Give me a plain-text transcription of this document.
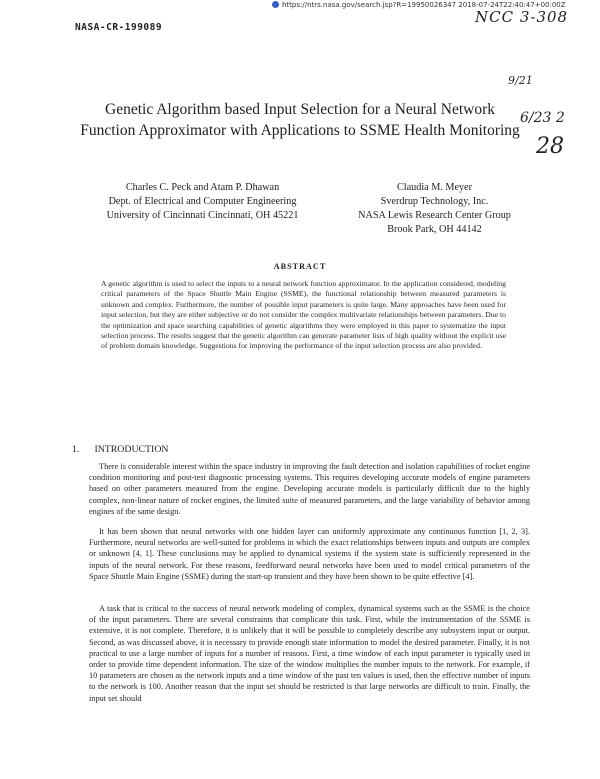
https://ntrs.nasa.gov/search.jsp?R=19950026347 2018-07-24T22:40:47+00:00Z
NASA-CR-199089
NCC 3-308
9/21
6/23 2
28
Genetic Algorithm based Input Selection for a Neural Network Function Approximator with Applications to SSME Health Monitoring
Charles C. Peck and Atam P. Dhawan
Dept. of Electrical and Computer Engineering
University of Cincinnati Cincinnati, OH 45221
Claudia M. Meyer
Sverdrup Technology, Inc.
NASA Lewis Research Center Group
Brook Park, OH 44142
ABSTRACT
A genetic algorithm is used to select the inputs to a neural network function approximator. In the application considered, modeling critical parameters of the Space Shuttle Main Engine (SSME), the functional relationship between measured parameters is unknown and complex. Furthermore, the number of possible input parameters is quite large. Many approaches have been used for input selection, but they are either subjective or do not consider the complex multivariate relationships between parameters. Due to the optimization and space searching capabilities of genetic algorithms they were employed in this paper to systematize the input selection process. The results suggest that the genetic algorithm can generate parameter lists of high quality without the explicit use of problem domain knowledge. Suggestions for improving the performance of the input selection process are also provided.
1. INTRODUCTION

There is considerable interest within the space industry in improving the fault detection and isolation capabilities of rocket engine condition monitoring and post-test diagnostic processing systems. This requires developing accurate models of engine parameters based on other parameters measured from the engine. Developing accurate models is particularly difficult due to the highly complex, non-linear nature of rocket engines, the limited suite of measured parameters, and the large variability of behavior among engines of the same design.

It has been shown that neural networks with one hidden layer can uniformly approximate any continuous function [1, 2, 3]. Furthermore, neural networks are well-suited for problems in which the exact relationships between inputs and outputs are complex or unknown [4, 1]. These conclusions may be applied to dynamical systems if the system state is sufficiently represented in the inputs of the neural network. For these reasons, feedforward neural networks have been used to model critical parameters of the Space Shuttle Main Engine (SSME) during the start-up transient and they have been shown to be quite effective [4].

A task that is critical to the success of neural network modeling of complex, dynamical systems such as the SSME is the choice of the input parameters. There are several constraints that complicate this task. First, while the instrumentation of the SSME is extensive, it is not complete. Therefore, it is unlikely that it will be possible to completely describe any subsystem input or output. Second, as was discussed above, it is necessary to provide enough state information to model the desired parameter. Finally, it is not practical to use a large number of inputs for a number of reasons. First, a time window of each input parameter is typically used in order to provide time dependent information. The size of the window multiplies the number inputs to the network. For example, if 10 parameters are chosen as the network inputs and a time window of the past ten values is used, then the effective number of inputs to the network is 100. Another reason that the input set should be restricted is that large networks are difficult to train. Finally, the input set should
